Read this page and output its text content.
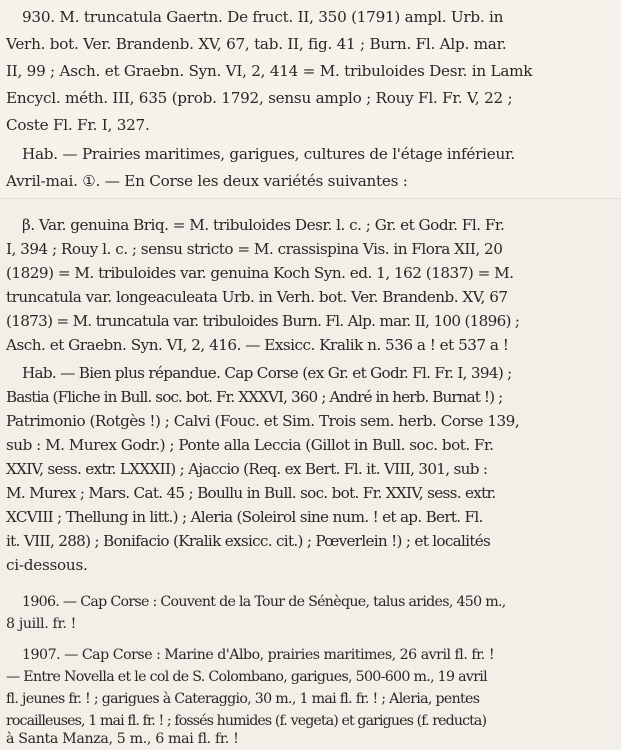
930. M. truncatula Gaertn. De fruct. II, 350 (1791) ampl. Urb. in
Verh. bot. Ver. Brandenb. XV, 67, tab. II, fig. 41 ; Burn. Fl. Alp. mar.
II, 99 ; Asch. et Graebn. Syn. VI, 2, 414 = M. tribuloides Desr. in Lamk
Encycl. méth. III, 635 (prob. 1792, sensu amplo ; Rouy Fl. Fr. V, 22 ;
Coste Fl. Fr. I, 327.
Hab. — Prairies maritimes, garigues, cultures de l'étage inférieur.
Avril-mai. ①. — En Corse les deux variétés suivantes :
β. Var. genuina Briq. = M. tribuloides Desr. l. c. ; Gr. et Godr. Fl. Fr.
I, 394 ; Rouy l. c. ; sensu stricto = M. crassispina Vis. in Flora XII, 20
(1829) = M. tribuloides var. genuina Koch Syn. ed. 1, 162 (1837) = M.
truncatula var. longeaculeata Urb. in Verh. bot. Ver. Brandenb. XV, 67
(1873) = M. truncatula var. tribuloides Burn. Fl. Alp. mar. II, 100 (1896) ;
Asch. et Graebn. Syn. VI, 2, 416. — Exsicc. Kralik n. 536 a ! et 537 a !
Hab. — Bien plus répandue. Cap Corse (ex Gr. et Godr. Fl. Fr. I, 394) ;
Bastia (Fliche in Bull. soc. bot. Fr. XXXVI, 360 ; André in herb. Burnat !) ;
Patrimonio (Rotgès !) ; Calvi (Fouc. et Sim. Trois sem. herb. Corse 139,
sub : M. Murex Godr.) ; Ponte alla Leccia (Gillot in Bull. soc. bot. Fr.
XXIV, sess. extr. LXXXII) ; Ajaccio (Req. ex Bert. Fl. it. VIII, 301, sub :
M. Murex ; Mars. Cat. 45 ; Boullu in Bull. soc. bot. Fr. XXIV, sess. extr.
XCVIII ; Thellung in litt.) ; Aleria (Soleirol sine num. ! et ap. Bert. Fl.
it. VIII, 288) ; Bonifacio (Kralik exsicc. cit.) ; Pœverlein !) ; et localités
ci-dessous.
1906. — Cap Corse : Couvent de la Tour de Sénèque, talus arides, 450 m.,
8 juill. fr. !
1907. — Cap Corse : Marine d'Albo, prairies maritimes, 26 avril fl. fr. !
— Entre Novella et le col de S. Colombano, garigues, 500-600 m., 19 avril
fl. jeunes fr. ! ; garigues à Cateraggio, 30 m., 1 mai fl. fr. ! ; Aleria, pentes
rocailleuses, 1 mai fl. fr. ! ; fossés humides (f. vegeta) et garigues (f. reducta)
à Santa Manza, 5 m., 6 mai fl. fr. !
